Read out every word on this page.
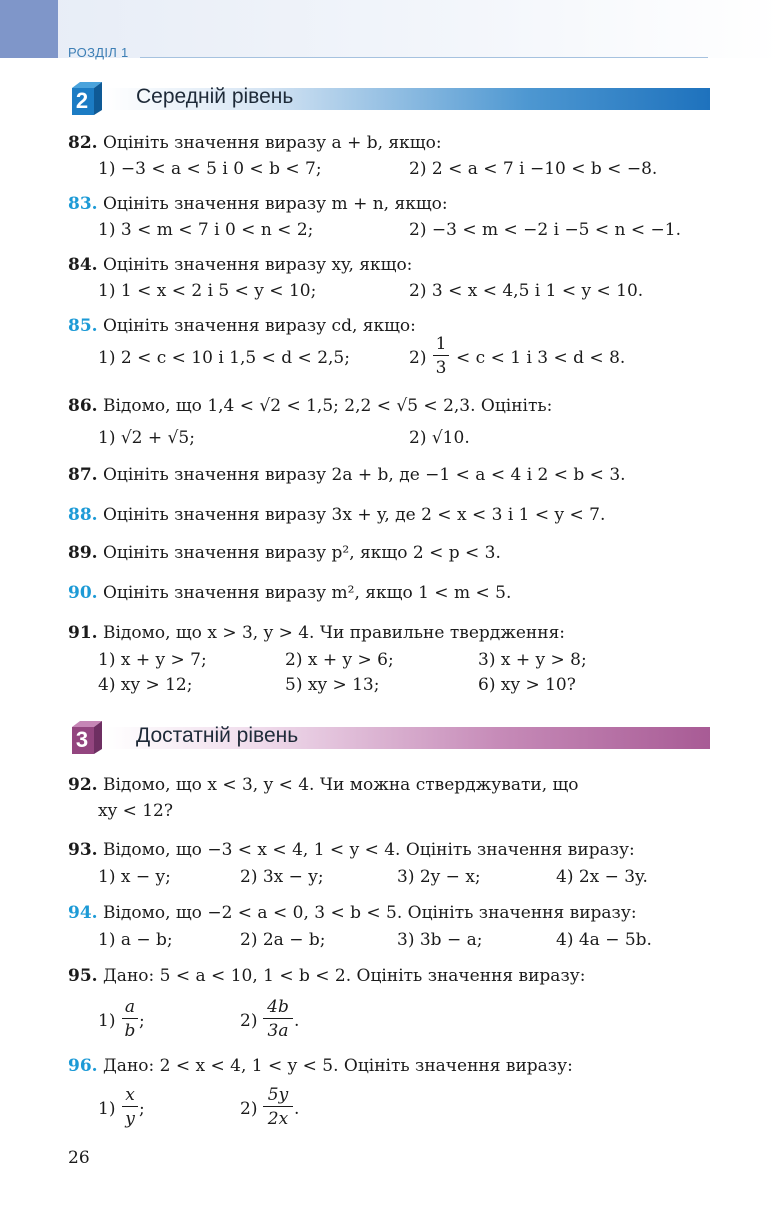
РОЗДІЛ 1
2 Середній рівень
82. Оцініть значення виразу a + b, якщо:
1) −3 < a < 5 і 0 < b < 7;	2) 2 < a < 7 і −10 < b < −8.
83. Оцініть значення виразу m + n, якщо:
1) 3 < m < 7 і 0 < n < 2;	2) −3 < m < −2 і −5 < n < −1.
84. Оцініть значення виразу xy, якщо:
1) 1 < x < 2 і 5 < y < 10;	2) 3 < x < 4,5 і 1 < y < 10.
85. Оцініть значення виразу cd, якщо:
1) 2 < c < 10 і 1,5 < d < 2,5;	2)
1
3 < c < 1 і 3 < d < 8.
86. Відомо, що 1,4 < √2 < 1,5; 2,2 < √5 < 2,3. Оцініть:
1) √2 + √5;	2) √10.
87. Оцініть значення виразу 2a + b, де −1 < a < 4 і 2 < b < 3.
88. Оцініть значення виразу 3x + y, де 2 < x < 3 і 1 < y < 7.
89. Оцініть значення виразу p², якщо 2 < p < 3.
90. Оцініть значення виразу m², якщо 1 < m < 5.
91. Відомо, що x > 3, y > 4. Чи правильне твердження:
1) x + y > 7;	2) x + y > 6;	3) x + y > 8;
4) xy > 12;	5) xy > 13;	6) xy > 10?
3 Достатній рівень
92. Відомо, що x < 3, y < 4. Чи можна стверджувати, що
xy < 12?
93. Відомо, що −3 < x < 4, 1 < y < 4. Оцініть значення виразу:
1) x − y;	2) 3x − y;	3) 2y − x;	4) 2x − 3y.
94. Відомо, що −2 < a < 0, 3 < b < 5. Оцініть значення виразу:
1) a − b;	2) 2a − b;	3) 3b − a;	4) 4a − 5b.
95. Дано: 5 < a < 10, 1 < b < 2. Оцініть значення виразу:
1)
a
b ;	2)
4b
3a .
96. Дано: 2 < x < 4, 1 < y < 5. Оцініть значення виразу:
1)
x
y ;	2)
5y
2x .
26
